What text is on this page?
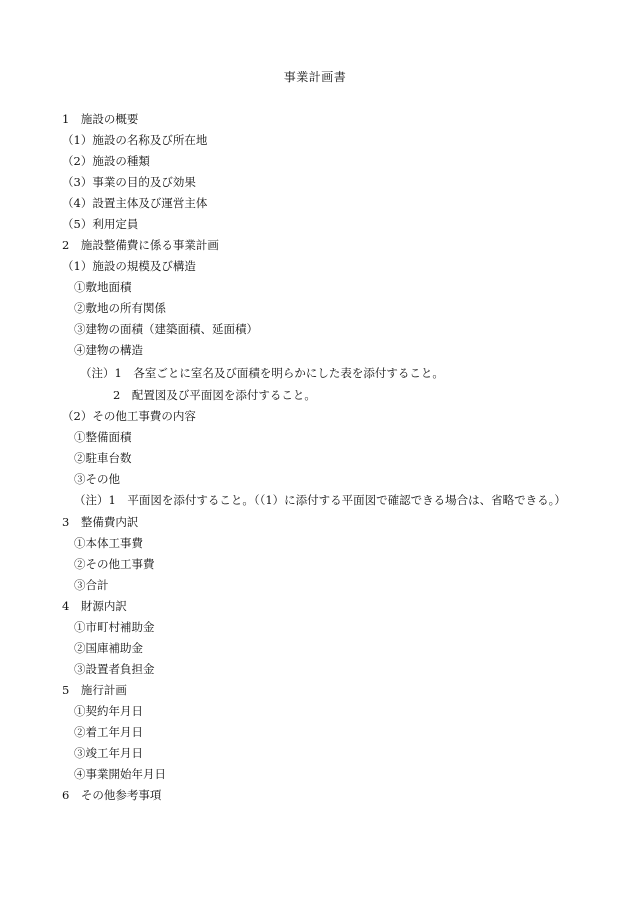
事業計画書
1　施設の概要
（1）施設の名称及び所在地
（2）施設の種類
（3）事業の目的及び効果
（4）設置主体及び運営主体
（5）利用定員
2　施設整備費に係る事業計画
（1）施設の規模及び構造
①敷地面積
②敷地の所有関係
③建物の面積（建築面積、延面積）
④建物の構造
（注）1　各室ごとに室名及び面積を明らかにした表を添付すること。
2　配置図及び平面図を添付すること。
（2）その他工事費の内容
①整備面積
②駐車台数
③その他
（注）1　平面図を添付すること。（（1）に添付する平面図で確認できる場合は、省略できる。）
3　整備費内訳
①本体工事費
②その他工事費
③合計
4　財源内訳
①市町村補助金
②国庫補助金
③設置者負担金
5　施行計画
①契約年月日
②着工年月日
③竣工年月日
④事業開始年月日
6　その他参考事項
